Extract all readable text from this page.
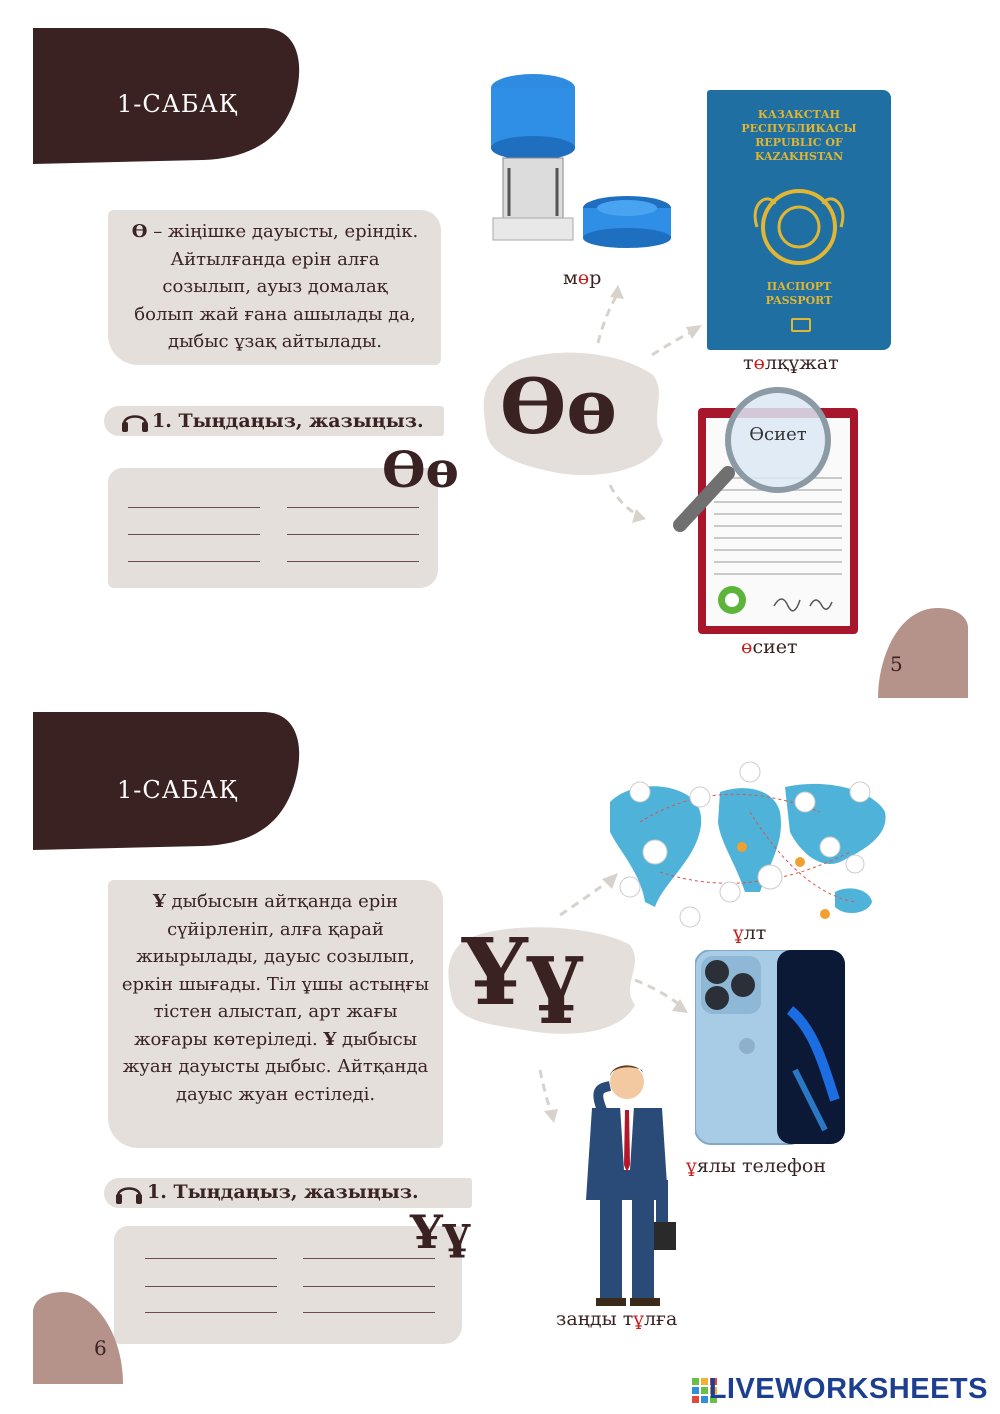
1-САБАҚ
Ө – жіңішке дауысты, еріндік. Айтылғанда ерін алға созылып, ауыз домалақ болып жай ғана ашылады да, дыбыс ұзақ айтылады.
1. Тыңдаңыз, жазыңыз.
Өө
Өө
мөр
КАЗАКСТАН
РЕСПУБЛИКАСЫ
REPUBLIC OF
KAZAKHSTAN
ПАСПОРТ
PASSPORT
төлқұжат
Өсиет
өсиет
5
1-САБАҚ
Ұ дыбысын айтқанда ерін сүйірленіп, алға қарай жиырылады, дауыс созылып, еркін шығады. Тіл ұшы астыңғы тістен алыстап, арт жағы жоғары көтеріледі. Ұ дыбысы жуан дауысты дыбыс. Айтқанда дауыс жуан естіледі.
1. Тыңдаңыз, жазыңыз.
Ұұ
Ұұ	ұлт
ұялы телефон
заңды тұлға
6
LIVEWORKSHEETS
